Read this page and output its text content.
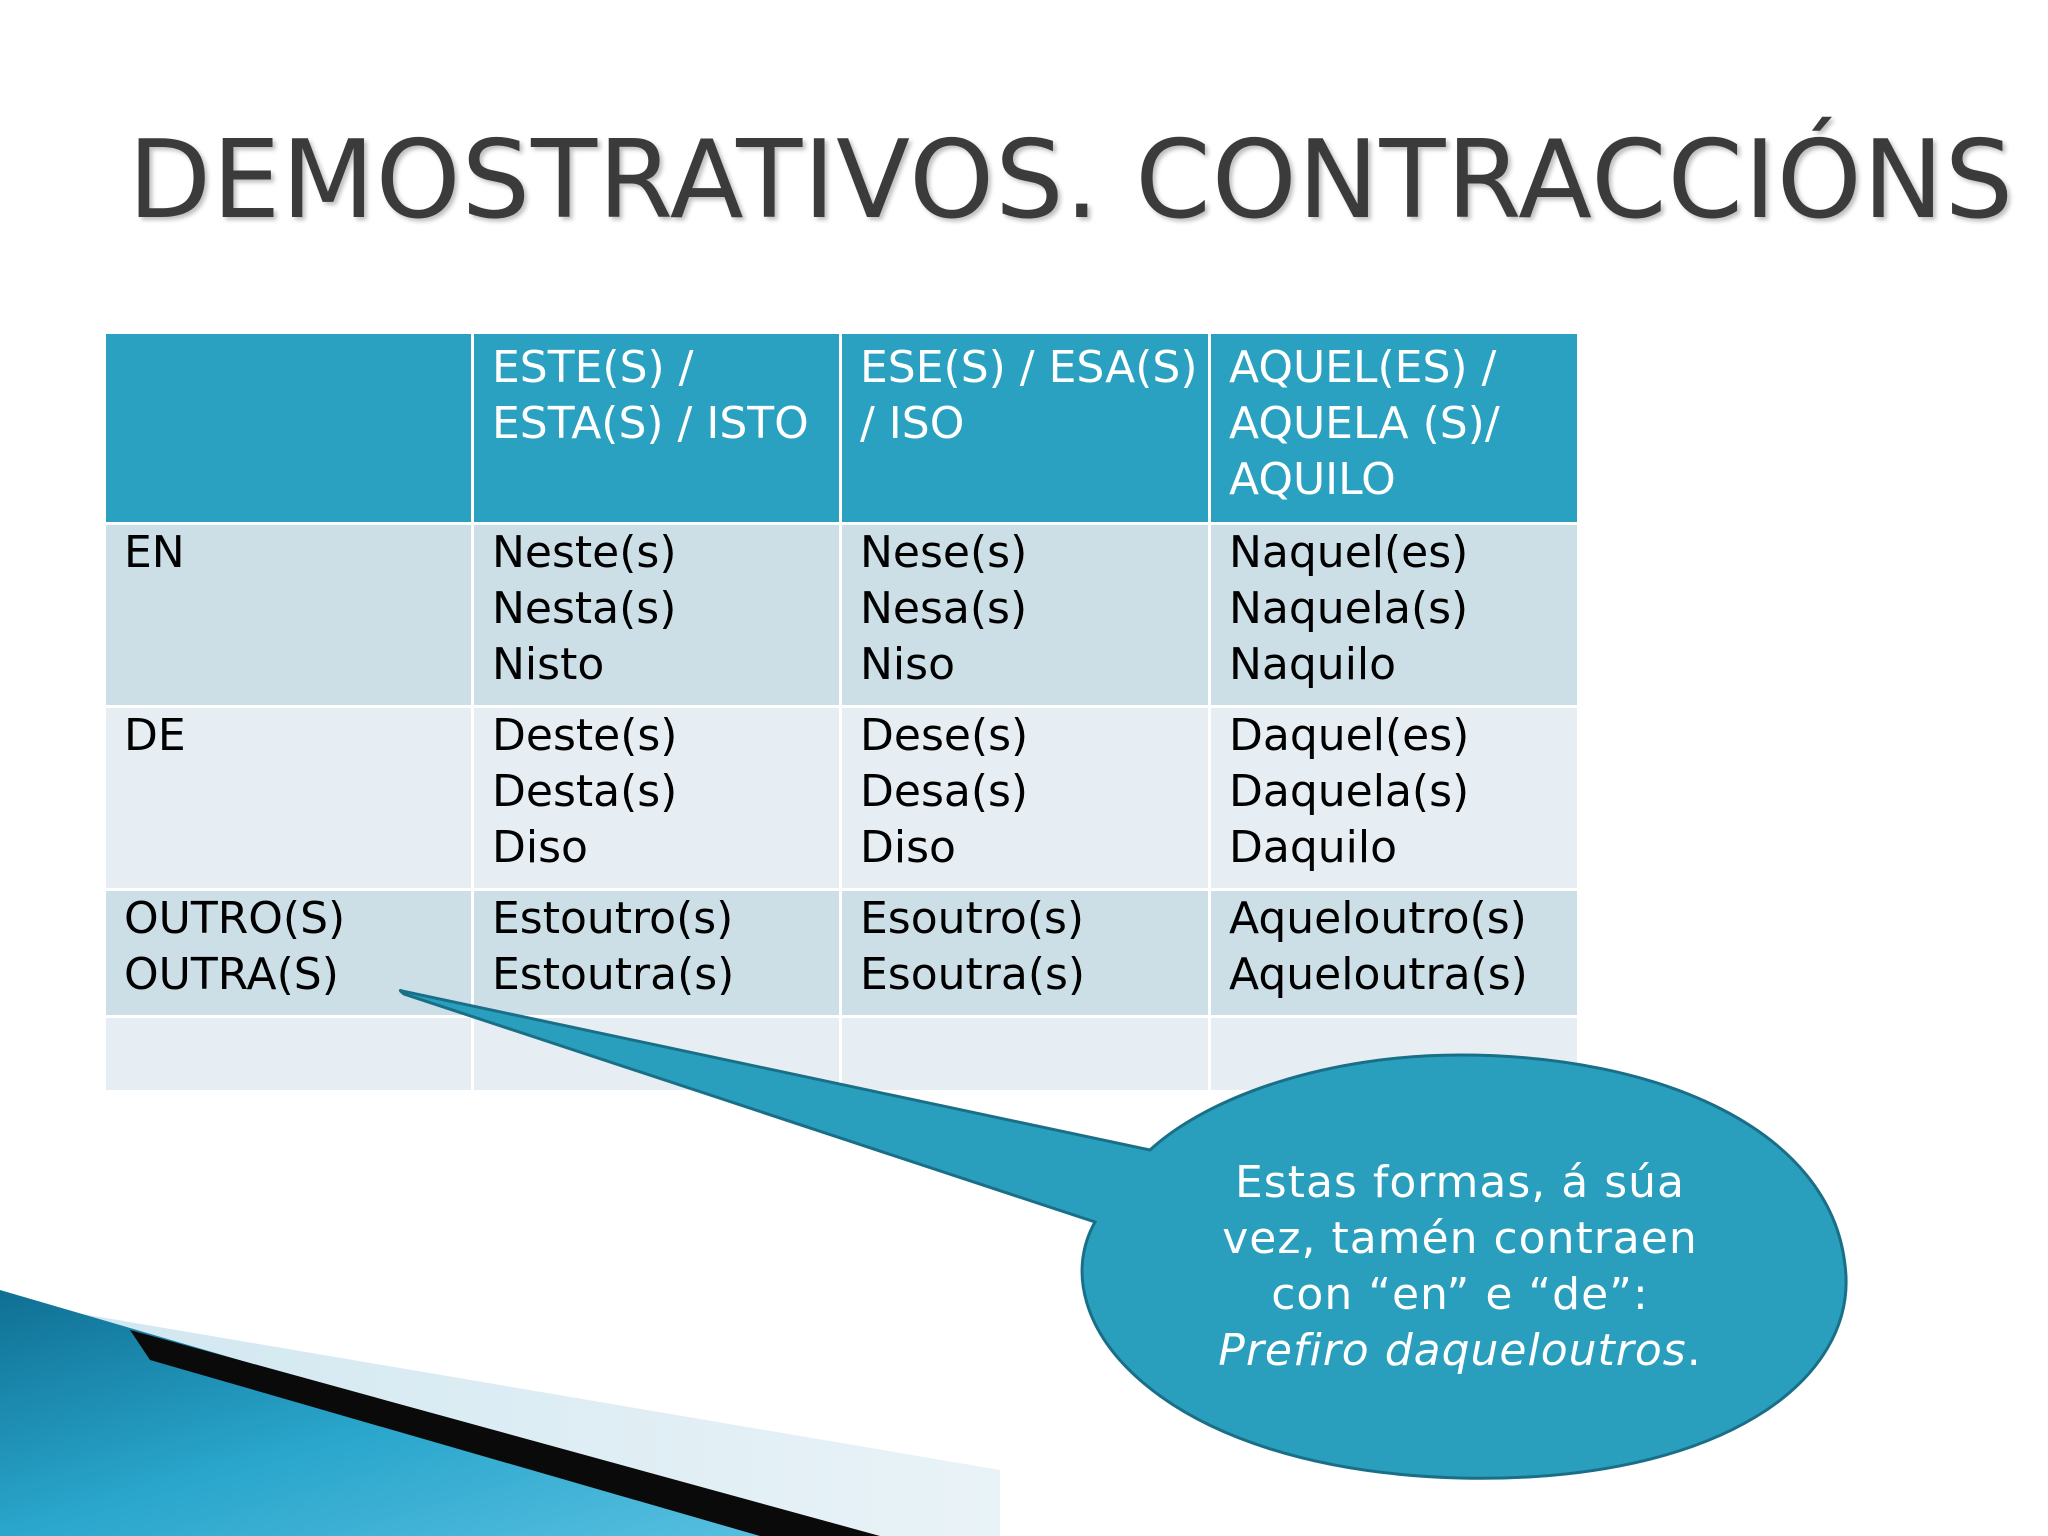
DEMOSTRATIVOS. CONTRACCIÓNS

	ESTE(S) /
ESTA(S) / ISTO	ESE(S) / ESA(S)
/ ISO	AQUEL(ES) /
AQUELA (S)/
AQUILO

EN	Neste(s)
Nesta(s)
Nisto	Nese(s)
Nesa(s)
Niso	Naquel(es)
Naquela(s)
Naquilo

DE	Deste(s)
Desta(s)
Diso	Dese(s)
Desa(s)
Diso	Daquel(es)
Daquela(s)
Daquilo

OUTRO(S)
OUTRA(S)	Estoutro(s)
Estoutra(s)	Esoutro(s)
Esoutra(s)	Aqueloutro(s)
Aqueloutra(s)

Estas formas, á súa
vez, tamén contraen
con “en” e “de”:
Prefiro daqueloutros.
